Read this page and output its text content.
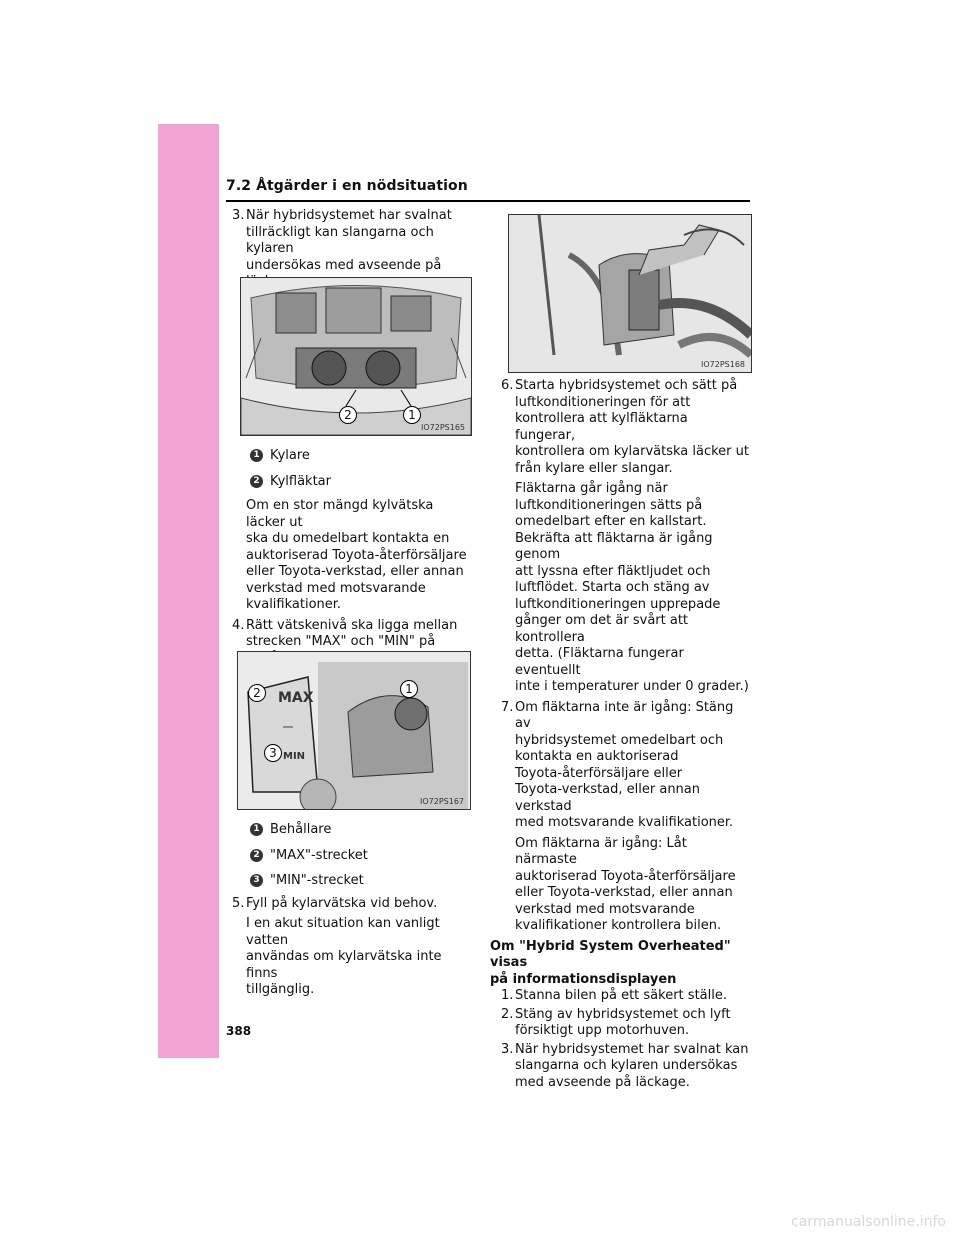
7.2 Åtgärder i en nödsituation
3. När hybridsystemet har svalnat
tillräckligt kan slangarna och kylaren
undersökas med avseende på
2	1
IO72PS165
1 Kylare
2 Kylfläktar
Om en stor mängd kylvätska läcker ut
ska du omedelbart kontakta en
auktoriserad Toyota-återförsäljare
eller Toyota-verkstad, eller annan
verkstad med motsvarande
kvalifikationer.
4. Rätt vätskenivå ska ligga mellan
strecken "MAX" och "MIN" på
MAX
MIN
2	1
3
IO72PS167
1 Behållare
2 "MAX"-strecket
3 "MIN"-strecket
5. Fyll på kylarvätska vid behov.
I en akut situation kan vanligt vatten
användas om kylarvätska inte finns
tillgänglig.
IO72PS168
6. Starta hybridsystemet och sätt på
luftkonditioneringen för att
kontrollera att kylfläktarna fungerar,
kontrollera om kylarvätska läcker ut
från kylare eller slangar.
Fläktarna går igång när
luftkonditioneringen sätts på
omedelbart efter en kallstart.
Bekräfta att fläktarna är igång genom
att lyssna efter fläktljudet och
luftflödet. Starta och stäng av
luftkonditioneringen upprepade
gånger om det är svårt att kontrollera
detta. (Fläktarna fungerar eventuellt
inte i temperaturer under 0 grader.)
7. Om fläktarna inte är igång: Stäng av
hybridsystemet omedelbart och
kontakta en auktoriserad
Toyota-återförsäljare eller
Toyota-verkstad, eller annan verkstad
med motsvarande kvalifikationer.
Om fläktarna är igång: Låt närmaste
auktoriserad Toyota-återförsäljare
eller Toyota-verkstad, eller annan
verkstad med motsvarande
kvalifikationer kontrollera bilen.
Om "Hybrid System Overheated" visas
på informationsdisplayen
1. Stanna bilen på ett säkert ställe.
2. Stäng av hybridsystemet och lyft
försiktigt upp motorhuven.
3. När hybridsystemet har svalnat kan
slangarna och kylaren undersökas
med avseende på läckage.
388
carmanualsonline.info
